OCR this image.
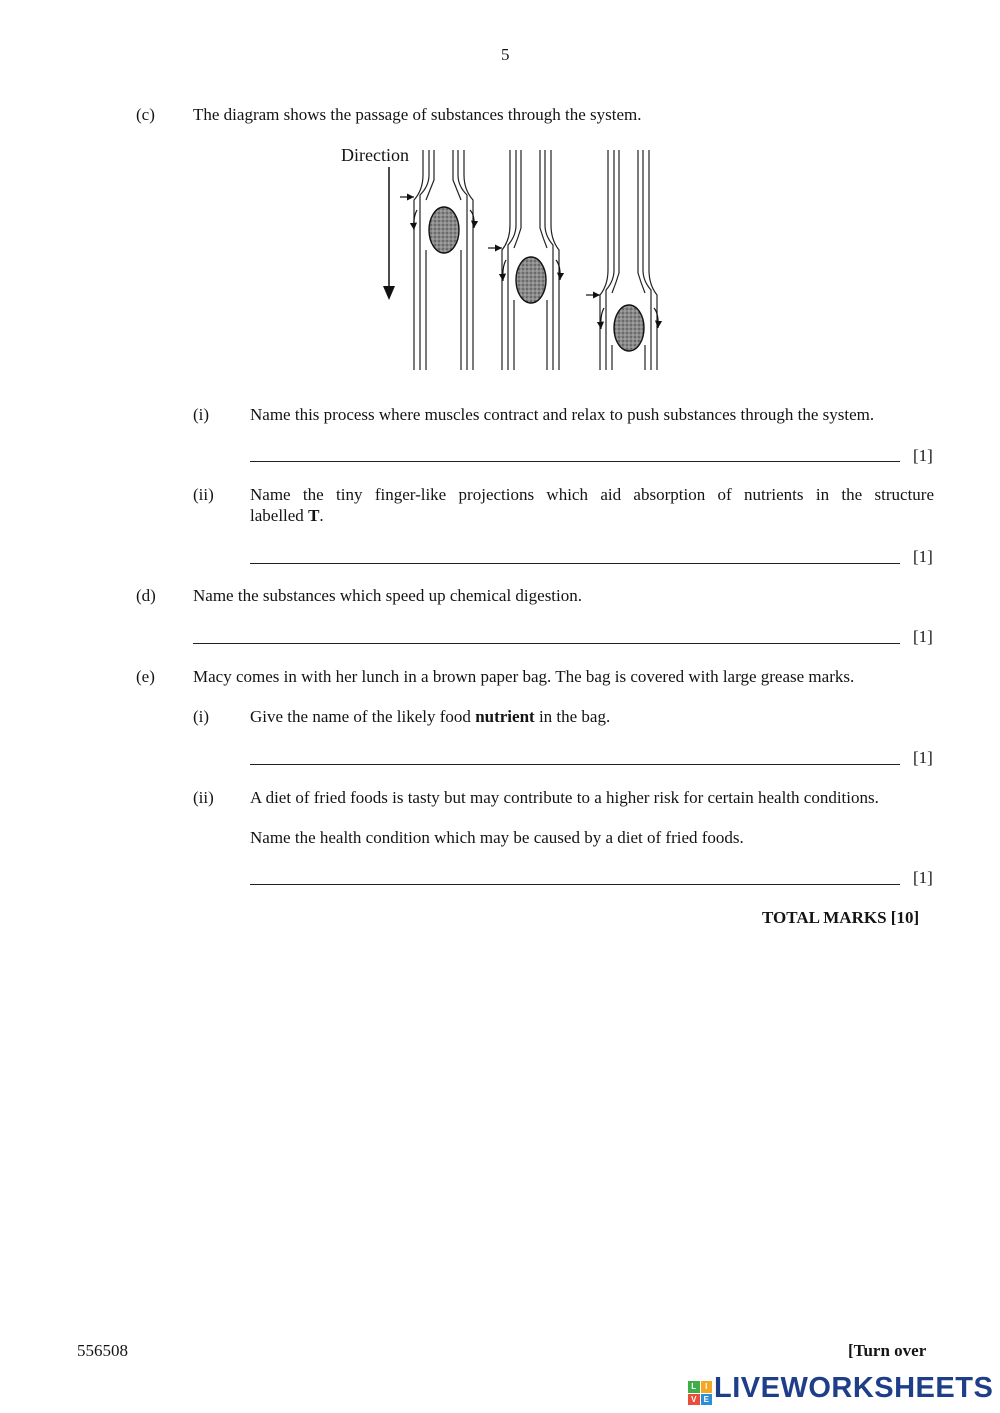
5
(c) The diagram shows the passage of substances through the system.
Direction
(i) Name this process where muscles contract and relax to push substances through the system.
[1]
(ii) Name the tiny finger-like projections which aid absorption of nutrients in the structure
labelled T.
[1]
(d) Name the substances which speed up chemical digestion.
[1]
(e) Macy comes in with her lunch in a brown paper bag. The bag is covered with large grease marks.
(i) Give the name of the likely food nutrient in the bag.
[1]
(ii) A diet of fried foods is tasty but may contribute to a higher risk for certain health conditions.
Name the health condition which may be caused by a diet of fried foods.
[1]
TOTAL MARKS [10]
556508	[Turn over
L	I
V E LIVEWORKSHEETS
